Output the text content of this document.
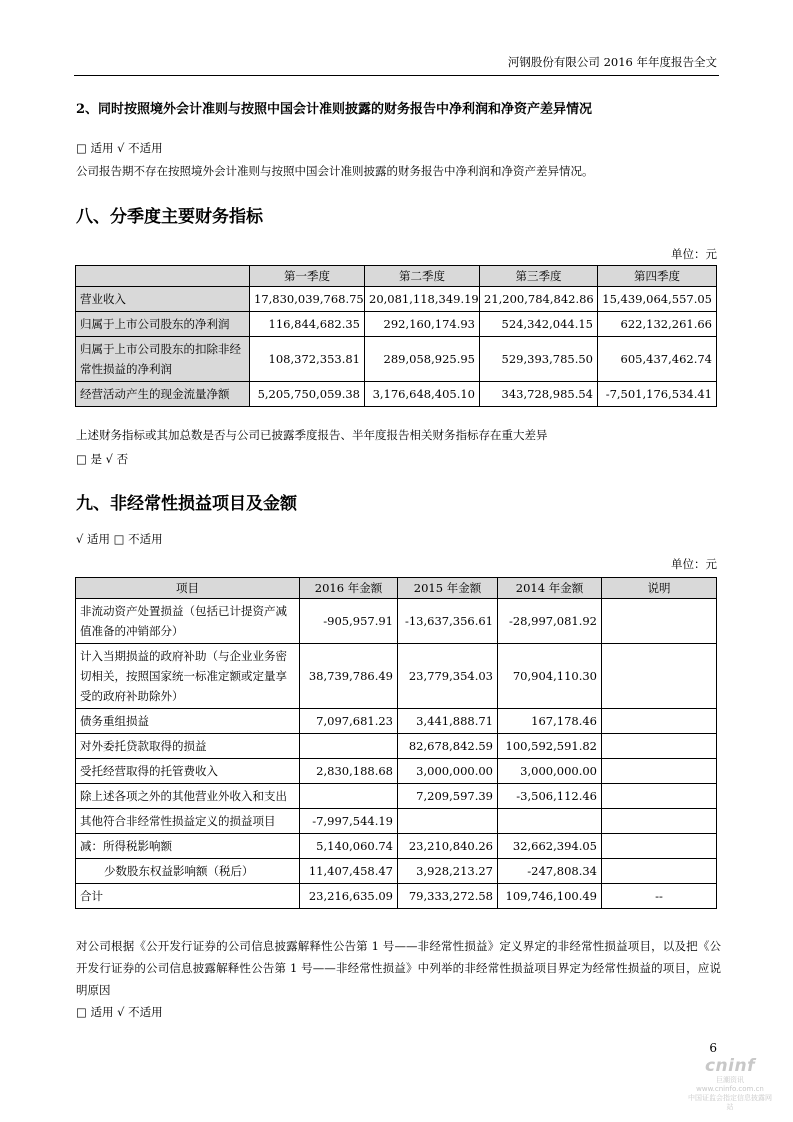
河钢股份有限公司 2016 年年度报告全文
2、同时按照境外会计准则与按照中国会计准则披露的财务报告中净利润和净资产差异情况
□ 适用 √ 不适用
公司报告期不存在按照境外会计准则与按照中国会计准则披露的财务报告中净利润和净资产差异情况。
八、分季度主要财务指标
单位：元
	第一季度	第二季度	第三季度	第四季度
营业收入	17,830,039,768.75	20,081,118,349.19	21,200,784,842.86	15,439,064,557.05
归属于上市公司股东的净利润	116,844,682.35	292,160,174.93	524,342,044.15	622,132,261.66
归属于上市公司股东的扣除非经常性损益的净利润	108,372,353.81	289,058,925.95	529,393,785.50	605,437,462.74
经营活动产生的现金流量净额	5,205,750,059.38	3,176,648,405.10	343,728,985.54	-7,501,176,534.41
上述财务指标或其加总数是否与公司已披露季度报告、半年度报告相关财务指标存在重大差异
□ 是 √ 否
九、非经常性损益项目及金额
√ 适用 □ 不适用
单位：元
项目	2016 年金额	2015 年金额	2014 年金额	说明
非流动资产处置损益（包括已计提资产减值准备的冲销部分）	-905,957.91	-13,637,356.61	-28,997,081.92	
计入当期损益的政府补助（与企业业务密切相关，按照国家统一标准定额或定量享受的政府补助除外）	38,739,786.49	23,779,354.03	70,904,110.30	
债务重组损益	7,097,681.23	3,441,888.71	167,178.46	
对外委托贷款取得的损益		82,678,842.59	100,592,591.82	
受托经营取得的托管费收入	2,830,188.68	3,000,000.00	3,000,000.00	
除上述各项之外的其他营业外收入和支出		7,209,597.39	-3,506,112.46	
其他符合非经常性损益定义的损益项目	-7,997,544.19			
减：所得税影响额	5,140,060.74	23,210,840.26	32,662,394.05	
少数股东权益影响额（税后）	11,407,458.47	3,928,213.27	-247,808.34	
合计	23,216,635.09	79,333,272.58	109,746,100.49	--
对公司根据《公开发行证券的公司信息披露解释性公告第 1 号——非经常性损益》定义界定的非经常性损益项目，以及把《公开发行证券的公司信息披露解释性公告第 1 号——非经常性损益》中列举的非经常性损益项目界定为经常性损益的项目，应说明原因
□ 适用 √ 不适用
6
cninf
巨潮资讯
www.cninfo.com.cn
中国证监会指定信息披露网站
